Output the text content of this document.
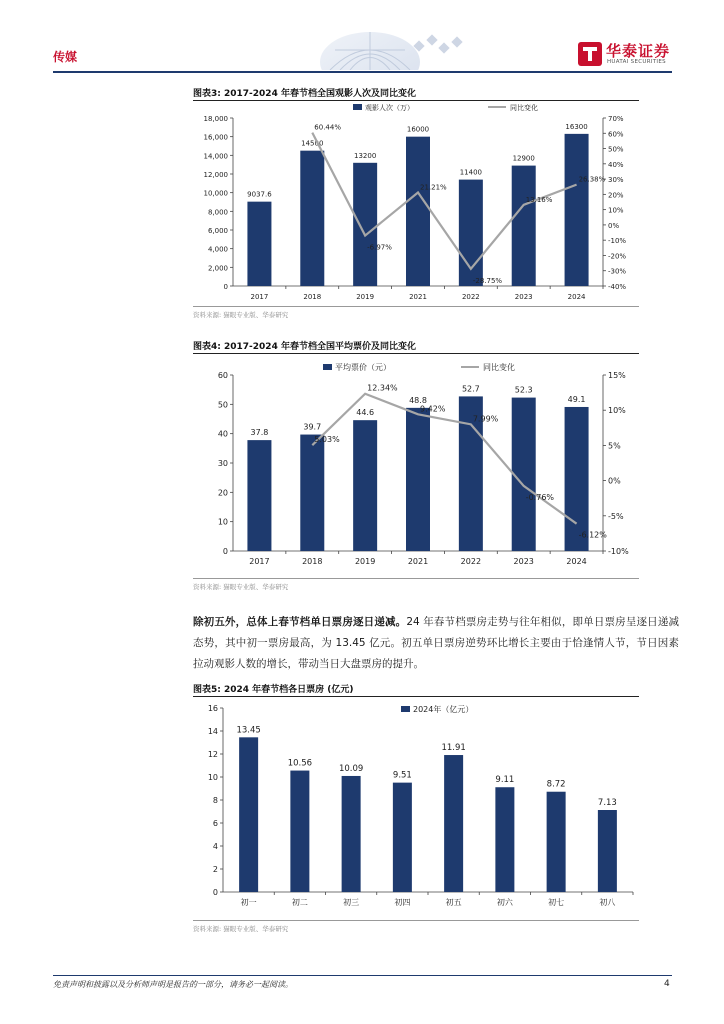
传媒	华泰证券
HUATAI SECURITIES
图表3: 2017-2024 年春节档全国观影人次及同比变化
0
2,000
4,000
6,000
8,000
10,000
12,000
14,000
16,000
18,000
-40%
-30%
-20%
-10%
0%
10%
20%
30%
40%
50%
60%
70%
2017
9037.6
2018
14500
2019
13200
2021
16000
2022
11400
2023
12900
2024
16300
60.44%
-6.97%
21.21%
-28.75%
13.16%
26.38%
观影人次（万）	同比变化
资料来源: 猫眼专业版、华泰研究
图表4: 2017-2024 年春节档全国平均票价及同比变化
0
10
20
30
40
50
60
-10%
-5%
0%
5%
10%
15%
2017
37.8
2018
39.7
2019
44.6
2021
48.8
2022
52.7
2023
52.3
2024
49.1
5.03%
12.34%
9.42%
7.99%
-0.76%
-6.12%
平均票价（元）	同比变化
资料来源: 猫眼专业版、华泰研究
除初五外，总体上春节档单日票房逐日递减。24 年春节档票房走势与往年相似，即单日票房呈逐日递减态势，其中初一票房最高，为 13.45 亿元。初五单日票房逆势环比增长主要由于恰逢情人节，节日因素拉动观影人数的增长，带动当日大盘票房的提升。
图表5: 2024 年春节档各日票房 (亿元)
0
2
4
6
8
10
12
14
16
初一
13.45
初二
10.56
初三
10.09
初四
9.51
初五
11.91
初六
9.11
初七
8.72
初八
7.13
2024年（亿元）
资料来源: 猫眼专业版、华泰研究
免责声明和披露以及分析师声明是报告的一部分，请务必一起阅读。	4
